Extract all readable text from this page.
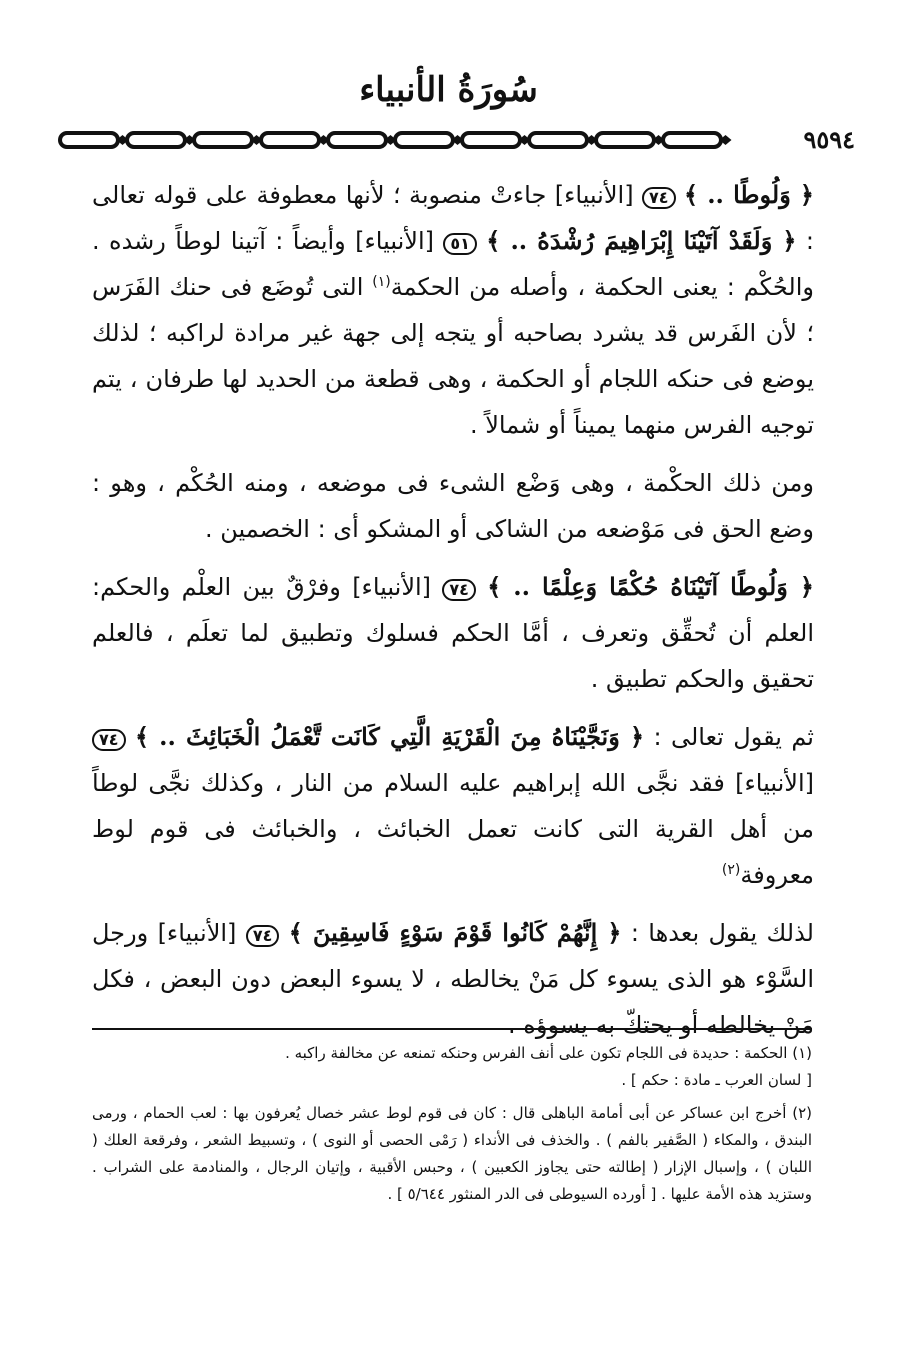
سُورَةُ الأنبياء
٩٥٩٤

﴿ وَلُوطًا .. ﴾ ٧٤ [الأنبياء] جاءتْ منصوبة ؛ لأنها معطوفة على قوله تعالى : ﴿ وَلَقَدْ آتَيْنَا إِبْرَاهِيمَ رُشْدَهُ .. ﴾ ٥١ [الأنبياء] وأيضاً : آتينا لوطاً رشده . والحُكْم : يعنى الحكمة ، وأصله من الحكمة$^{(١)}$ التى تُوضَع فى حنك الفَرَس ؛ لأن الفَرس قد يشرد بصاحبه أو يتجه إلى جهة غير مرادة لراكبه ؛ لذلك يوضع فى حنكه اللجام أو الحكمة ، وهى قطعة من الحديد لها طرفان ، يتم توجيه الفرس منهما يميناً أو شمالاً .

ومن ذلك الحكْمة ، وهى وَضْع الشىء فى موضعه ، ومنه الحُكْم ، وهو : وضع الحق فى مَوْضعه من الشاكى أو المشكو أى : الخصمين .

﴿ وَلُوطًا آتَيْنَاهُ حُكْمًا وَعِلْمًا .. ﴾ ٧٤ [الأنبياء] وفرْقٌ بين العلْم والحكم: العلم أن تُحقِّق وتعرف ، أمَّا الحكم فسلوك وتطبيق لما تعلَم ، فالعلم تحقيق والحكم تطبيق .

ثم يقول تعالى : ﴿ وَنَجَّيْنَاهُ مِنَ الْقَرْيَةِ الَّتِي كَانَت تَّعْمَلُ الْخَبَائِثَ .. ﴾ ٧٤ [الأنبياء] فقد نجَّى الله إبراهيم عليه السلام من النار ، وكذلك نجَّى لوطاً من أهل القرية التى كانت تعمل الخبائث ، والخبائث فى قوم لوط معروفة$^{(٢)}$

لذلك يقول بعدها : ﴿ إِنَّهُمْ كَانُوا قَوْمَ سَوْءٍ فَاسِقِينَ ﴾ ٧٤ [الأنبياء] ورجل السَّوْء هو الذى يسوء كل مَنْ يخالطه ، لا يسوء البعض دون البعض ، فكل مَنْ يخالطه أو يحتكّ به يسوؤه .

(١) الحكمة : حديدة فى اللجام تكون على أنف الفرس وحنكه تمنعه عن مخالفة راكبه .
[ لسان العرب ـ مادة : حكم ] .

(٢) أخرج ابن عساكر عن أبى أمامة الباهلى قال : كان فى قوم لوط عشر خصال يُعرفون بها : لعب الحمام ، ورمى البندق ، والمكاء ( الصَّفير بالفم ) . والخذف فى الأنداء ( رَمْى الحصى أو النوى ) ، وتسبيط الشعر ، وفرقعة العلك ( اللبان ) ، وإسبال الإزار ( إطالته حتى يجاوز الكعبين ) ، وحبس الأقبية ، وإتيان الرجال ، والمنادمة على الشراب . وستزيد هذه الأمة عليها . [ أورده السيوطى فى الدر المنثور ٥/٦٤٤ ] .
